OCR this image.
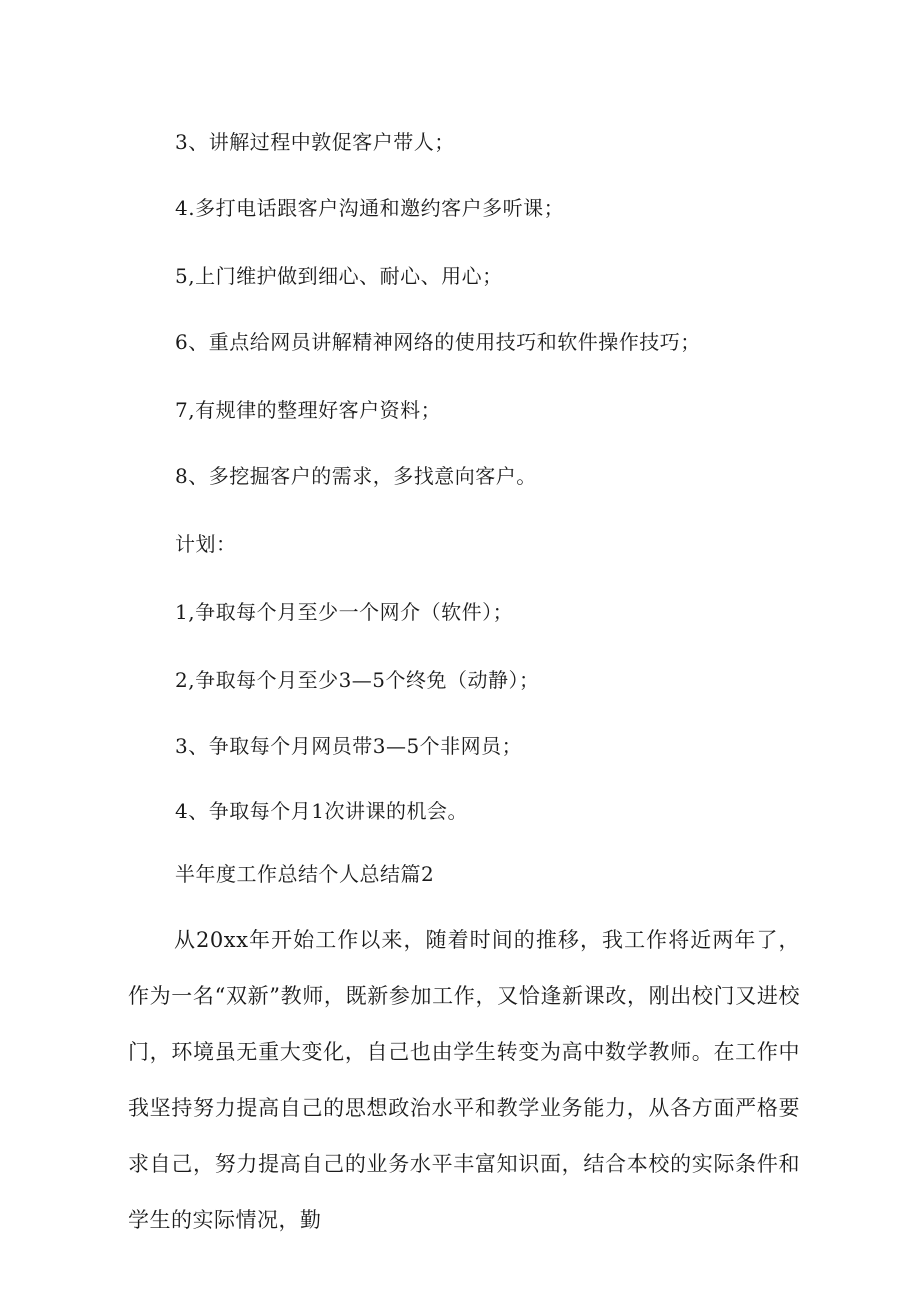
3、讲解过程中敦促客户带人；
4.多打电话跟客户沟通和邀约客户多听课；
5,上门维护做到细心、耐心、用心；
6、重点给网员讲解精神网络的使用技巧和软件操作技巧；
7,有规律的整理好客户资料；
8、多挖掘客户的需求，多找意向客户。
计划：
1,争取每个月至少一个网介（软件）；
2,争取每个月至少3—5个终免（动静）；
3、争取每个月网员带3—5个非网员；
4、争取每个月1次讲课的机会。
半年度工作总结个人总结篇2
从20xx年开始工作以来，随着时间的推移，我工作将近两年了，作为一名“双新”教师，既新参加工作，又恰逢新课改，刚出校门又进校门，环境虽无重大变化，自己也由学生转变为高中数学教师。在工作中我坚持努力提高自己的思想政治水平和教学业务能力，从各方面严格要求自己，努力提高自己的业务水平丰富知识面，结合本校的实际条件和学生的实际情况，勤
